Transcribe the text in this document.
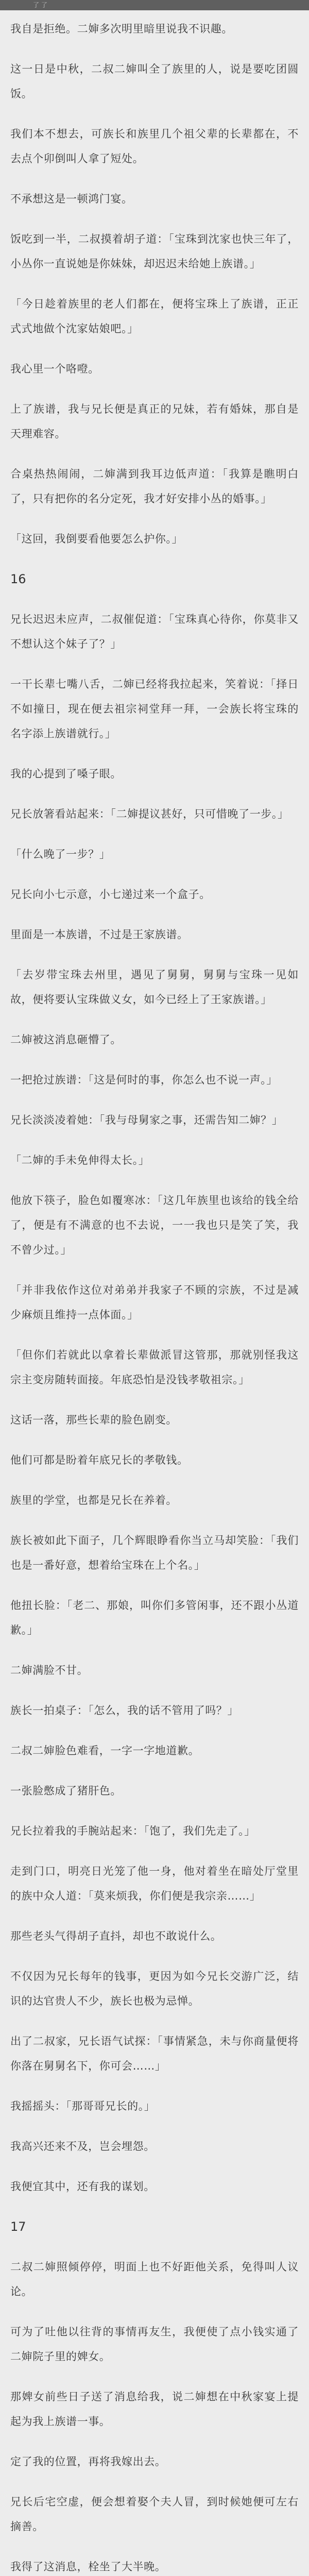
了 了
我自是拒绝。二婶多次明里暗里说我不识趣。
这一日是中秋，二叔二婶叫全了族里的人，说是要吃团圆饭。
我们本不想去，可族长和族里几个祖父辈的长辈都在，不去点个卯倒叫人拿了短处。
不承想这是一顿鸿门宴。
饭吃到一半，二叔摸着胡子道：「宝珠到沈家也快三年了，小丛你一直说她是你妹妹，却迟迟未给她上族谱。」
「今日趁着族里的老人们都在，便将宝珠上了族谱，正正式式地做个沈家姑娘吧。」
我心里一个咯噔。
上了族谱，我与兄长便是真正的兄妹，若有婚妹，那自是天理难容。
合桌热热闹闹，二婶满到我耳边低声道：「我算是瞧明白了，只有把你的名分定死，我才好安排小丛的婚事。」
「这回，我倒要看他要怎么护你。」
16
兄长迟迟未应声，二叔催促道：「宝珠真心待你，你莫非又不想认这个妹子了？」
一干长辈七嘴八舌，二婶已经将我拉起来，笑着说：「择日不如撞日，现在便去祖宗祠堂拜一拜，一会族长将宝珠的名字添上族谱就行。」
我的心提到了嗓子眼。
兄长放箸看站起来：「二婶提议甚好，只可惜晚了一步。」
「什么晚了一步？」
兄长向小七示意，小七递过来一个盒子。
里面是一本族谱，不过是王家族谱。
「去岁带宝珠去州里，遇见了舅舅，舅舅与宝珠一见如故，便将要认宝珠做义女，如今已经上了王家族谱。」
二婶被这消息砸懵了。
一把抢过族谱：「这是何时的事，你怎么也不说一声。」
兄长淡淡凌着她：「我与母舅家之事，还需告知二婶？」
「二婶的手未免伸得太长。」
他放下筷子，脸色如覆寒冰：「这几年族里也该给的钱全给了，便是有不满意的也不去说，一一我也只是笑了笑，我不曾少过。」
「并非我依作这位对弟弟并我家子不顾的宗族，不过是减少麻烦且维持一点体面。」
「但你们若就此以拿着长辈做派冒这管那，那就别怪我这宗主变房随转面接。年底恐怕是没钱孝敬祖宗。」
这话一落，那些长辈的脸色剧变。
他们可都是盼着年底兄长的孝敬钱。
族里的学堂，也都是兄长在养着。
族长被如此下面子，几个辉眼睁看你当立马却笑脸：「我们也是一番好意，想着给宝珠在上个名。」
他扭长脸：「老二、那娘，叫你们多管闲事，还不跟小丛道歉。」
二婶满脸不甘。
族长一拍桌子：「怎么，我的话不管用了吗？」
二叔二婶脸色难看，一字一字地道歉。
一张脸憋成了猪肝色。
兄长拉着我的手腕站起来：「饱了，我们先走了。」
走到门口，明亮日光笼了他一身，他对着坐在暗处厅堂里的族中众人道：「莫来烦我，你们便是我宗亲……」
那些老头气得胡子直抖，却也不敢说什么。
不仅因为兄长每年的钱事，更因为如今兄长交游广泛，结识的达官贵人不少，族长也极为忌惮。
出了二叔家，兄长语气试探：「事情紧急，未与你商量便将你落在舅舅名下，你可会……」
我摇摇头：「那哥哥兄长的。」
我高兴还来不及，岂会埋怨。
我便宜其中，还有我的谋划。
17
二叔二婶照倾停停，明面上也不好距他关系，免得叫人议论。
可为了吐他以往背的事情再友生，我便使了点小钱实通了二婶院子里的婢女。
那婢女前些日子送了消息给我，说二婶想在中秋家宴上提起为我上族谱一事。
定了我的位置，再将我嫁出去。
兄长后宅空虚，便会想着娶个夫人冒，到时候她便可左右摘善。
我得了这消息，栓坐了大半晚。
